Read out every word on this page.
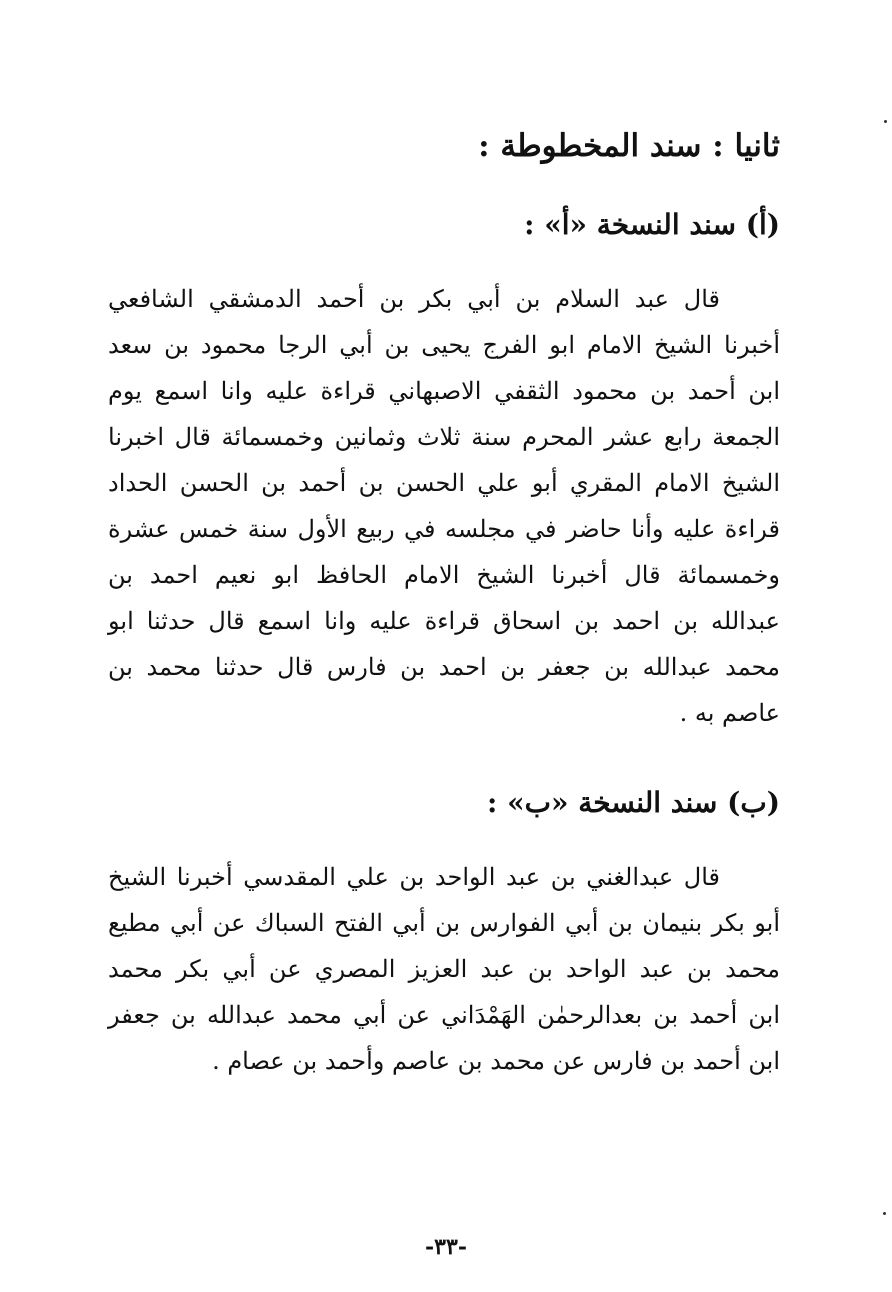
ثانيا : سند المخطوطة :
(أ) سند النسخة «أ» :
قال عبد السلام بن أبي بكر بن أحمد الدمشقي الشافعي
أخبرنا الشيخ الامام ابو الفرج يحيى بن أبي الرجا محمود بن سعد
ابن أحمد بن محمود الثقفي الاصبهاني قراءة عليه وانا اسمع يوم
الجمعة رابع عشر المحرم سنة ثلاث وثمانين وخمسمائة قال اخبرنا
الشيخ الامام المقري أبو علي الحسن بن أحمد بن الحسن الحداد
قراءة عليه وأنا حاضر في مجلسه في ربيع الأول سنة خمس عشرة
وخمسمائة قال أخبرنا الشيخ الامام الحافظ ابو نعيم احمد بن
عبدالله بن احمد بن اسحاق قراءة عليه وانا اسمع قال حدثنا ابو
محمد عبدالله بن جعفر بن احمد بن فارس قال حدثنا محمد بن
عاصم به .
(ب) سند النسخة «ب» :
قال عبدالغني بن عبد الواحد بن علي المقدسي أخبرنا الشيخ
أبو بكر بنيمان بن أبي الفوارس بن أبي الفتح السباك عن أبي مطيع
محمد بن عبد الواحد بن عبد العزيز المصري عن أبي بكر محمد
ابن أحمد بن بعدالرحمٰن الهَمْدَاني عن أبي محمد عبدالله بن جعفر
ابن أحمد بن فارس عن محمد بن عاصم وأحمد بن عصام .
-٣٣-
